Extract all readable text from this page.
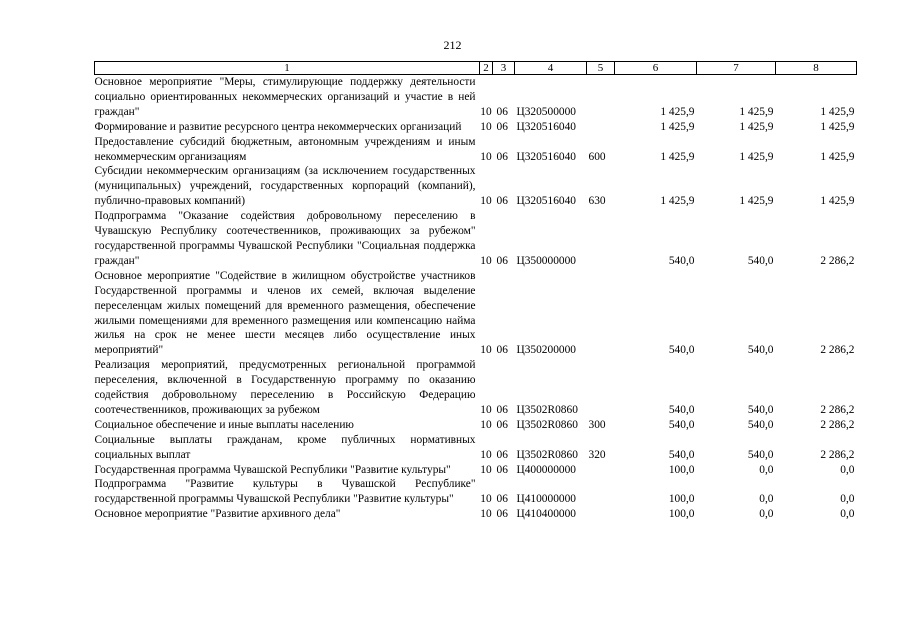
212
1	2	3	4	5	6	7	8
Основное мероприятие "Меры, стимулирующие поддержку деятельности социально ориентированных некоммерческих организаций и участие в ней граждан"	10	06	Ц320500000		1 425,9	1 425,9	1 425,9
Формирование и развитие ресурсного центра некоммерческих организаций	10	06	Ц320516040		1 425,9	1 425,9	1 425,9
Предоставление субсидий бюджетным, автономным учреждениям и иным некоммерческим организациям	10	06	Ц320516040	600	1 425,9	1 425,9	1 425,9
Субсидии некоммерческим организациям (за исключением государственных (муниципальных) учреждений, государственных корпораций (компаний), публично-правовых компаний)	10	06	Ц320516040	630	1 425,9	1 425,9	1 425,9
Подпрограмма "Оказание содействия добровольному переселению в Чувашскую Республику соотечественников, проживающих за рубежом" государственной программы Чувашской Республики "Социальная поддержка граждан"	10	06	Ц350000000		540,0	540,0	2 286,2
Основное мероприятие "Содействие в жилищном обустройстве участников Государственной программы и членов их семей, включая выделение переселенцам жилых помещений для временного размещения, обеспечение жилыми помещениями для временного размещения или компенсацию найма жилья на срок не менее шести месяцев либо осуществление иных мероприятий"	10	06	Ц350200000		540,0	540,0	2 286,2
Реализация мероприятий, предусмотренных региональной программой переселения, включенной в Государственную программу по оказанию содействия добровольному переселению в Российскую Федерацию соотечественников, проживающих за рубежом	10	06	Ц3502R0860		540,0	540,0	2 286,2
Социальное обеспечение и иные выплаты населению	10	06	Ц3502R0860	300	540,0	540,0	2 286,2
Социальные выплаты гражданам, кроме публичных нормативных социальных выплат	10	06	Ц3502R0860	320	540,0	540,0	2 286,2
Государственная программа Чувашской Республики "Развитие культуры"	10	06	Ц400000000		100,0	0,0	0,0
Подпрограмма "Развитие культуры в Чувашской Республике" государственной программы Чувашской Республики "Развитие культуры"	10	06	Ц410000000		100,0	0,0	0,0
Основное мероприятие "Развитие архивного дела"	10	06	Ц410400000		100,0	0,0	0,0
